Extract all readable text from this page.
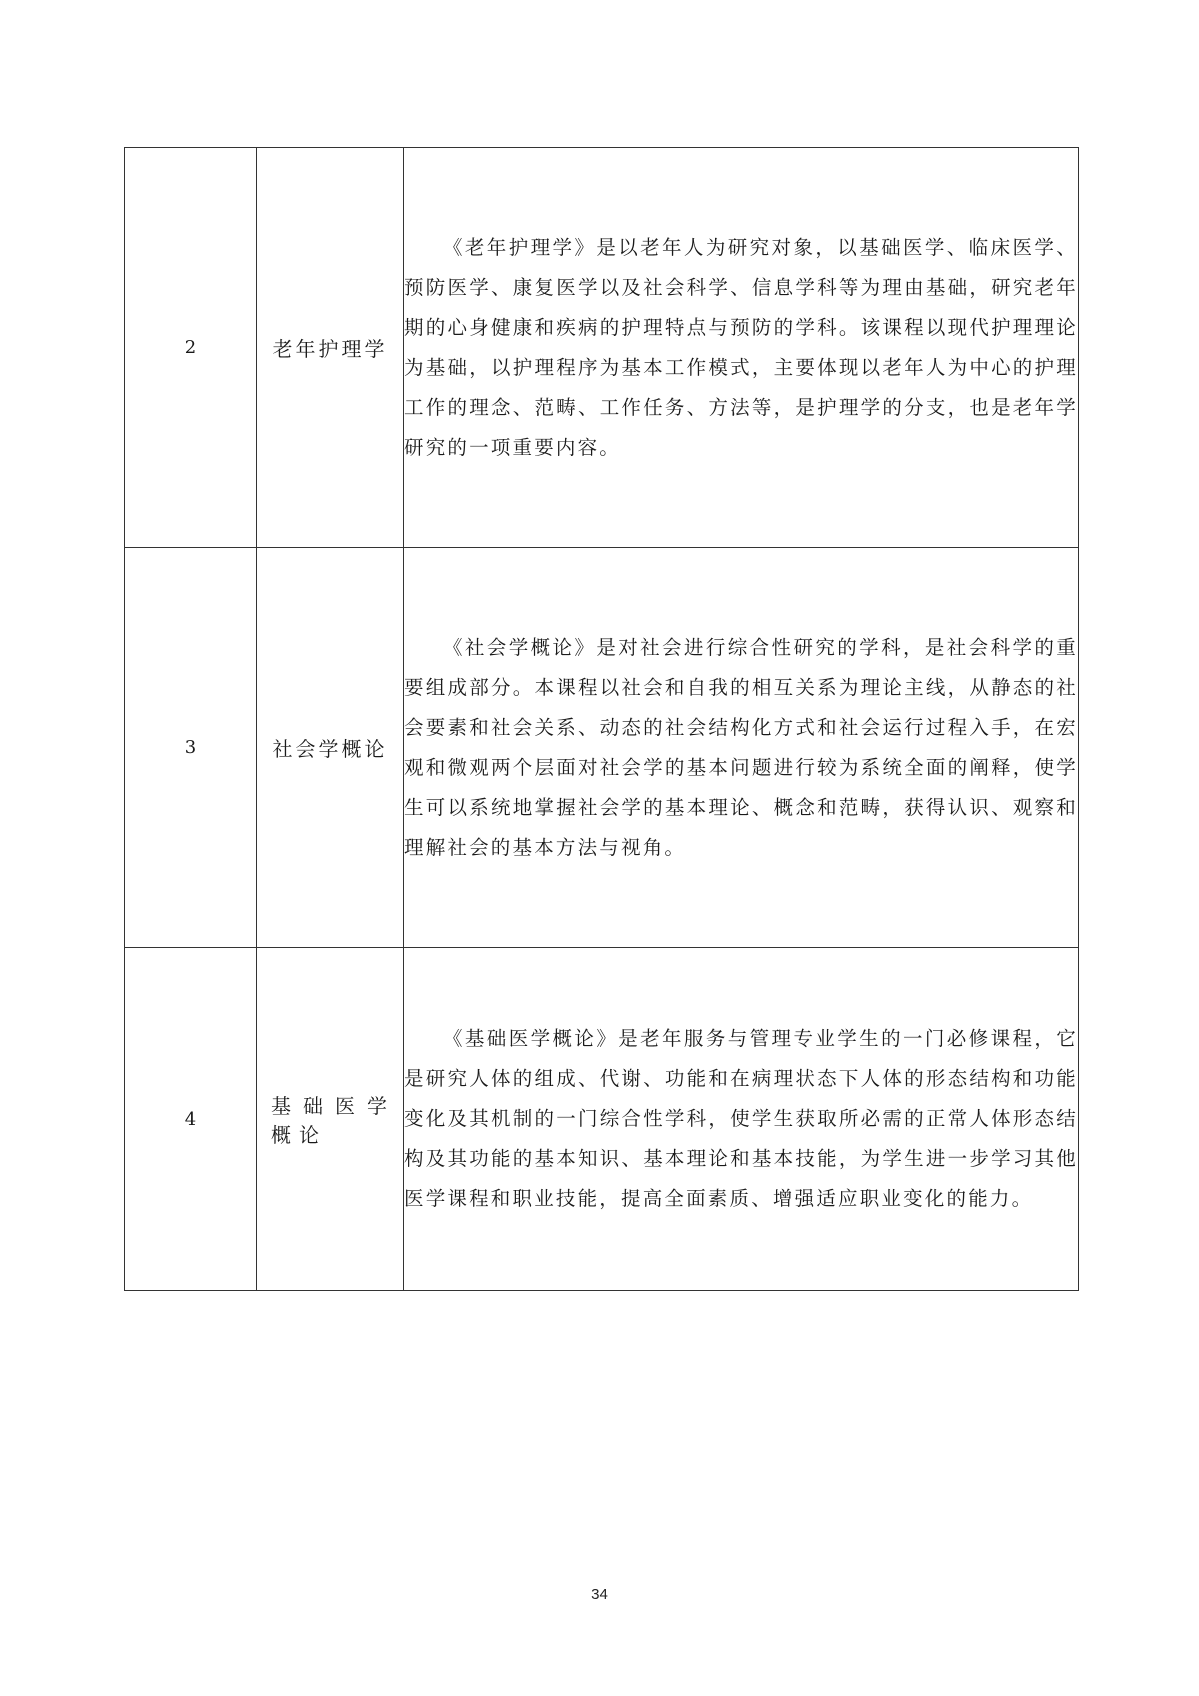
2	老年护理学	《老年护理学》是以老年人为研究对象，以基础医学、临床医学、预防医学、康复医学以及社会科学、信息学科等为理由基础，研究老年期的心身健康和疾病的护理特点与预防的学科。该课程以现代护理理论为基础，以护理程序为基本工作模式，主要体现以老年人为中心的护理工作的理念、范畴、工作任务、方法等，是护理学的分支，也是老年学研究的一项重要内容。

3	社会学概论	《社会学概论》是对社会进行综合性研究的学科，是社会科学的重要组成部分。本课程以社会和自我的相互关系为理论主线，从静态的社会要素和社会关系、动态的社会结构化方式和社会运行过程入手，在宏观和微观两个层面对社会学的基本问题进行较为系统全面的阐释，使学生可以系统地掌握社会学的基本理论、概念和范畴，获得认识、观察和理解社会的基本方法与视角。

4	基础医学概论	《基础医学概论》是老年服务与管理专业学生的一门必修课程，它是研究人体的组成、代谢、功能和在病理状态下人体的形态结构和功能变化及其机制的一门综合性学科，使学生获取所必需的正常人体形态结构及其功能的基本知识、基本理论和基本技能，为学生进一步学习其他医学课程和职业技能，提高全面素质、增强适应职业变化的能力。

34
